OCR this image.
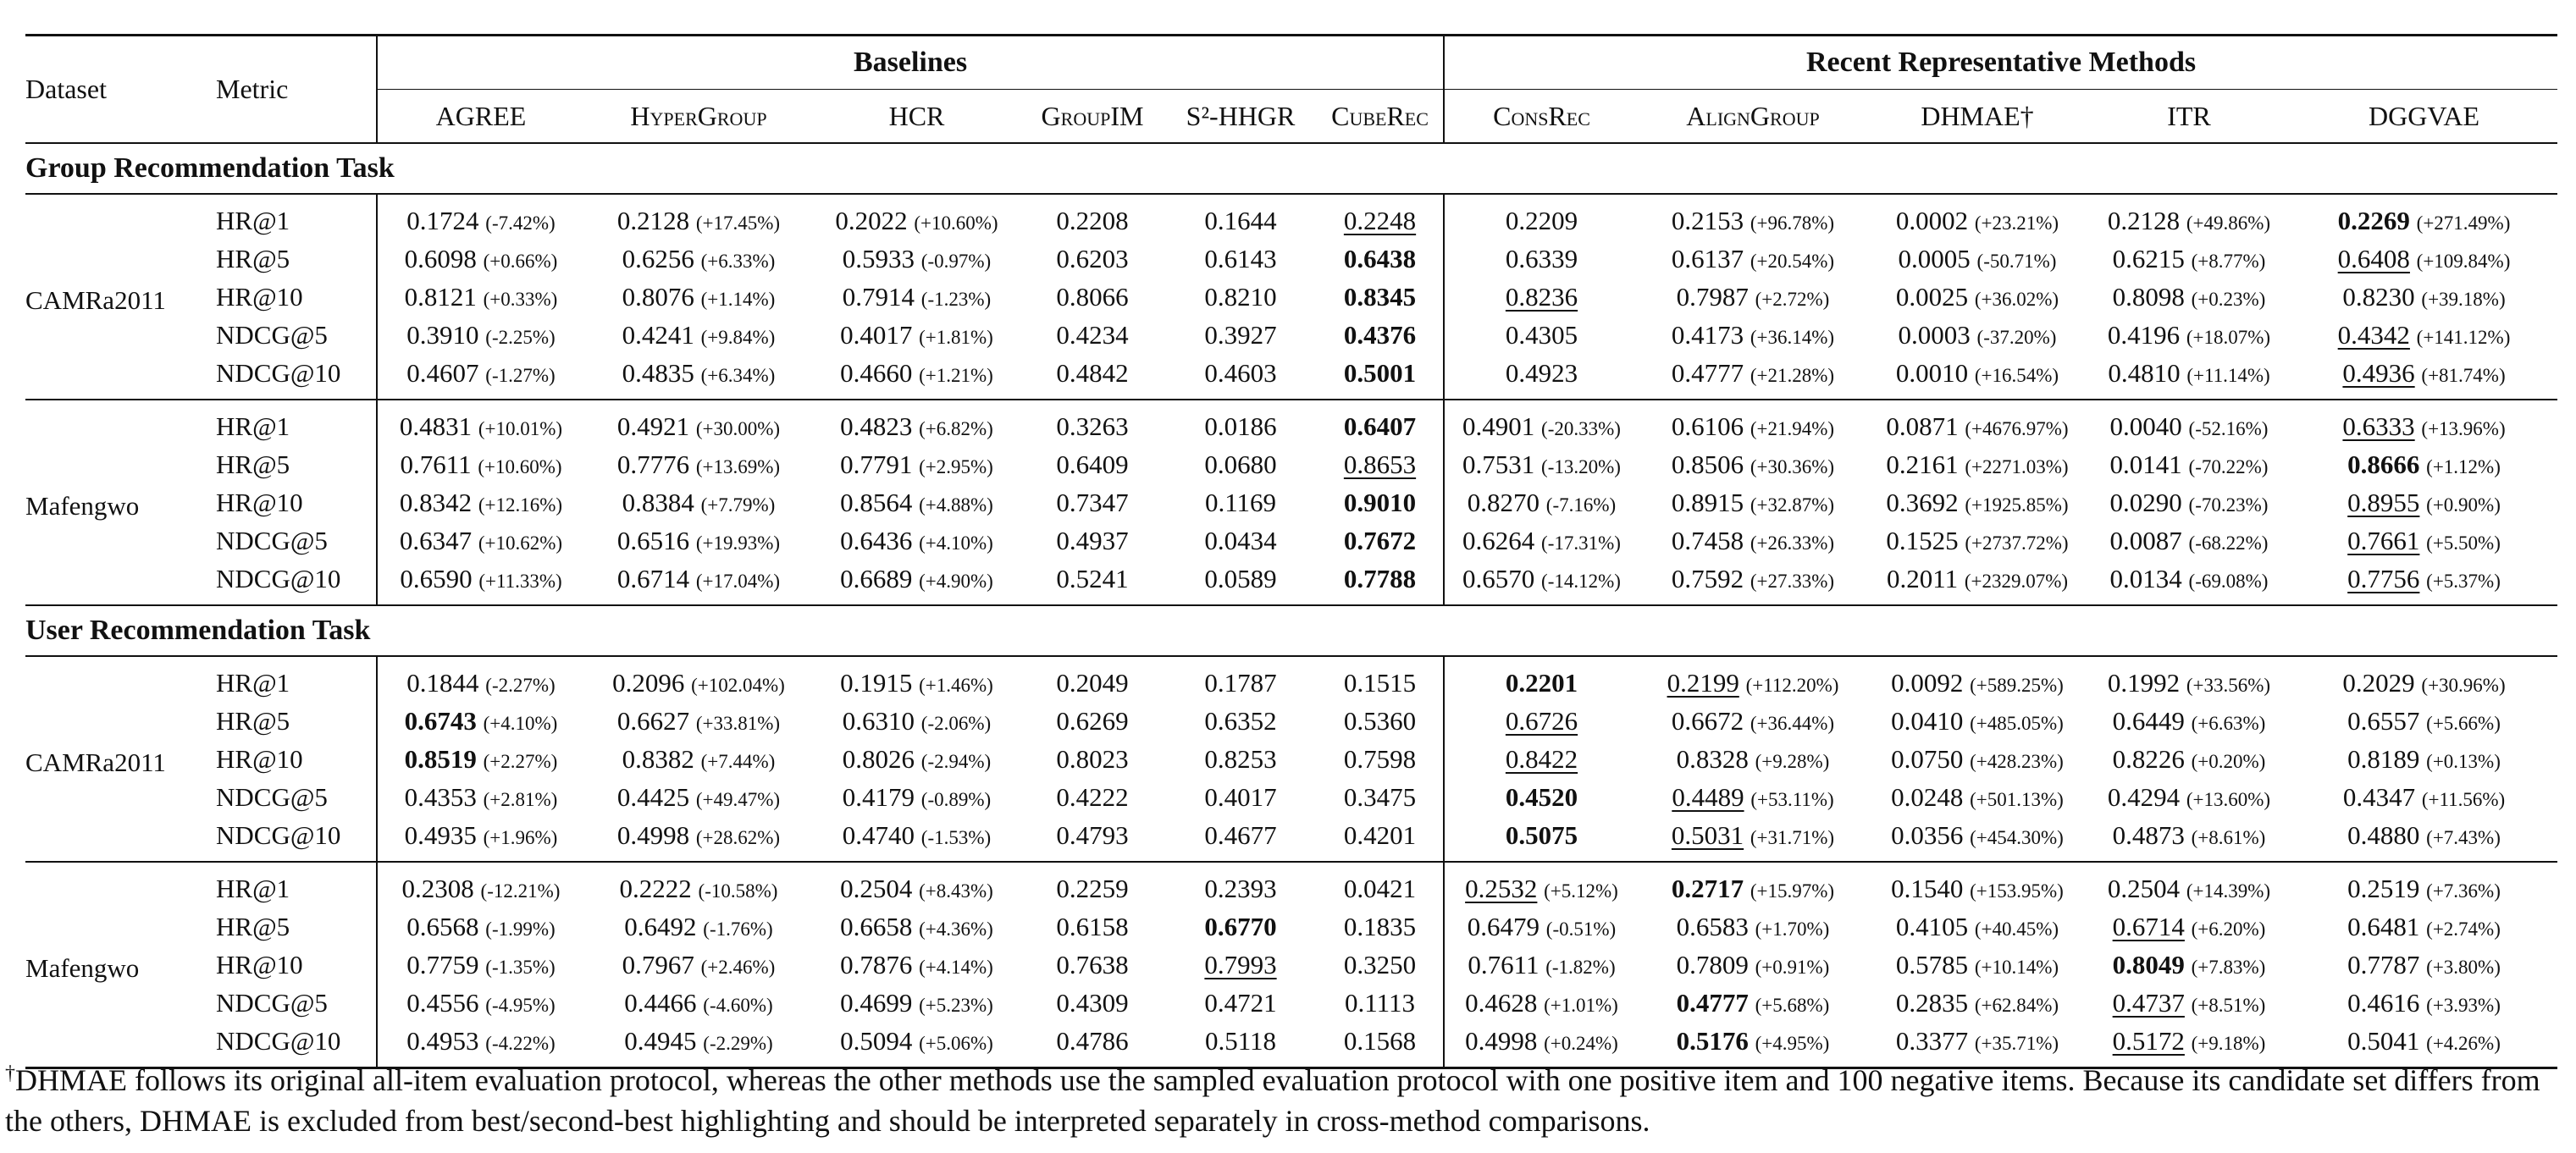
Dataset	Metric	Baselines						Recent Representative Methods				
		AGREE	HyperGroup	HCR	GroupIM	S²-HHGR	CubeRec	ConsRec	AlignGroup	DHMAE†	ITR	DGGVAE
Group Recommendation Task												
CAMRa2011	HR@1	0.1724 (-7.42%)	0.2128 (+17.45%)	0.2022 (+10.60%)	0.2208	0.1644	0.2248	0.2209	0.2153 (+96.78%)	0.0002 (+23.21%)	0.2128 (+49.86%)	0.2269 (+271.49%)
	HR@5	0.6098 (+0.66%)	0.6256 (+6.33%)	0.5933 (-0.97%)	0.6203	0.6143	0.6438	0.6339	0.6137 (+20.54%)	0.0005 (-50.71%)	0.6215 (+8.77%)	0.6408 (+109.84%)
	HR@10	0.8121 (+0.33%)	0.8076 (+1.14%)	0.7914 (-1.23%)	0.8066	0.8210	0.8345	0.8236	0.7987 (+2.72%)	0.0025 (+36.02%)	0.8098 (+0.23%)	0.8230 (+39.18%)
	NDCG@5	0.3910 (-2.25%)	0.4241 (+9.84%)	0.4017 (+1.81%)	0.4234	0.3927	0.4376	0.4305	0.4173 (+36.14%)	0.0003 (-37.20%)	0.4196 (+18.07%)	0.4342 (+141.12%)
	NDCG@10	0.4607 (-1.27%)	0.4835 (+6.34%)	0.4660 (+1.21%)	0.4842	0.4603	0.5001	0.4923	0.4777 (+21.28%)	0.0010 (+16.54%)	0.4810 (+11.14%)	0.4936 (+81.74%)
Mafengwo	HR@1	0.4831 (+10.01%)	0.4921 (+30.00%)	0.4823 (+6.82%)	0.3263	0.0186	0.6407	0.4901 (-20.33%)	0.6106 (+21.94%)	0.0871 (+4676.97%)	0.0040 (-52.16%)	0.6333 (+13.96%)
	HR@5	0.7611 (+10.60%)	0.7776 (+13.69%)	0.7791 (+2.95%)	0.6409	0.0680	0.8653	0.7531 (-13.20%)	0.8506 (+30.36%)	0.2161 (+2271.03%)	0.0141 (-70.22%)	0.8666 (+1.12%)
	HR@10	0.8342 (+12.16%)	0.8384 (+7.79%)	0.8564 (+4.88%)	0.7347	0.1169	0.9010	0.8270 (-7.16%)	0.8915 (+32.87%)	0.3692 (+1925.85%)	0.0290 (-70.23%)	0.8955 (+0.90%)
	NDCG@5	0.6347 (+10.62%)	0.6516 (+19.93%)	0.6436 (+4.10%)	0.4937	0.0434	0.7672	0.6264 (-17.31%)	0.7458 (+26.33%)	0.1525 (+2737.72%)	0.0087 (-68.22%)	0.7661 (+5.50%)
	NDCG@10	0.6590 (+11.33%)	0.6714 (+17.04%)	0.6689 (+4.90%)	0.5241	0.0589	0.7788	0.6570 (-14.12%)	0.7592 (+27.33%)	0.2011 (+2329.07%)	0.0134 (-69.08%)	0.7756 (+5.37%)
User Recommendation Task												
CAMRa2011	HR@1	0.1844 (-2.27%)	0.2096 (+102.04%)	0.1915 (+1.46%)	0.2049	0.1787	0.1515	0.2201	0.2199 (+112.20%)	0.0092 (+589.25%)	0.1992 (+33.56%)	0.2029 (+30.96%)
	HR@5	0.6743 (+4.10%)	0.6627 (+33.81%)	0.6310 (-2.06%)	0.6269	0.6352	0.5360	0.6726	0.6672 (+36.44%)	0.0410 (+485.05%)	0.6449 (+6.63%)	0.6557 (+5.66%)
	HR@10	0.8519 (+2.27%)	0.8382 (+7.44%)	0.8026 (-2.94%)	0.8023	0.8253	0.7598	0.8422	0.8328 (+9.28%)	0.0750 (+428.23%)	0.8226 (+0.20%)	0.8189 (+0.13%)
	NDCG@5	0.4353 (+2.81%)	0.4425 (+49.47%)	0.4179 (-0.89%)	0.4222	0.4017	0.3475	0.4520	0.4489 (+53.11%)	0.0248 (+501.13%)	0.4294 (+13.60%)	0.4347 (+11.56%)
	NDCG@10	0.4935 (+1.96%)	0.4998 (+28.62%)	0.4740 (-1.53%)	0.4793	0.4677	0.4201	0.5075	0.5031 (+31.71%)	0.0356 (+454.30%)	0.4873 (+8.61%)	0.4880 (+7.43%)
Mafengwo	HR@1	0.2308 (-12.21%)	0.2222 (-10.58%)	0.2504 (+8.43%)	0.2259	0.2393	0.0421	0.2532 (+5.12%)	0.2717 (+15.97%)	0.1540 (+153.95%)	0.2504 (+14.39%)	0.2519 (+7.36%)
	HR@5	0.6568 (-1.99%)	0.6492 (-1.76%)	0.6658 (+4.36%)	0.6158	0.6770	0.1835	0.6479 (-0.51%)	0.6583 (+1.70%)	0.4105 (+40.45%)	0.6714 (+6.20%)	0.6481 (+2.74%)
	HR@10	0.7759 (-1.35%)	0.7967 (+2.46%)	0.7876 (+4.14%)	0.7638	0.7993	0.3250	0.7611 (-1.82%)	0.7809 (+0.91%)	0.5785 (+10.14%)	0.8049 (+7.83%)	0.7787 (+3.80%)
	NDCG@5	0.4556 (-4.95%)	0.4466 (-4.60%)	0.4699 (+5.23%)	0.4309	0.4721	0.1113	0.4628 (+1.01%)	0.4777 (+5.68%)	0.2835 (+62.84%)	0.4737 (+8.51%)	0.4616 (+3.93%)
	NDCG@10	0.4953 (-4.22%)	0.4945 (-2.29%)	0.5094 (+5.06%)	0.4786	0.5118	0.1568	0.4998 (+0.24%)	0.5176 (+4.95%)	0.3377 (+35.71%)	0.5172 (+9.18%)	0.5041 (+4.26%)
†DHMAE follows its original all-item evaluation protocol, whereas the other methods use the sampled evaluation protocol with one positive item and 100 negative items. Because its candidate set differs from the others, DHMAE is excluded from best/second-best highlighting and should be interpreted separately in cross-method comparisons.
